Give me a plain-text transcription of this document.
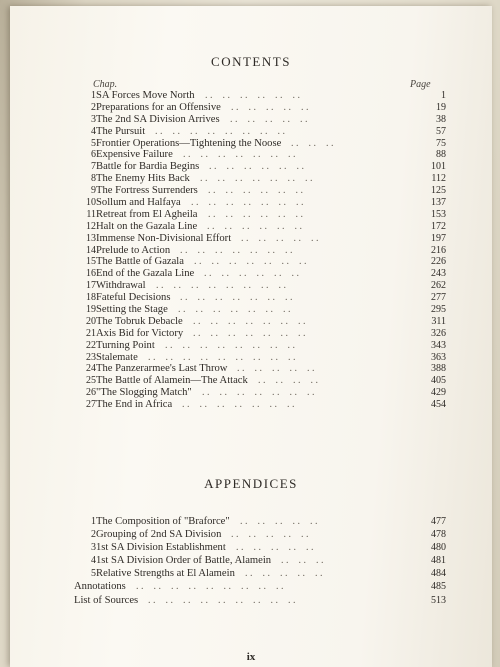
CONTENTS
Chap.	Page
APPENDICES
ix
1 SA Forces Move North	1
. .    . .    . .    . .    . .    . .
2 Preparations for an Offensive	19
. .    . .    . .    . .    . .
3 The 2nd SA Division Arrives	38
. .    . .    . .    . .    . .
4 The Pursuit	57
. .    . .    . .    . .    . .    . .    . .    . .
5 Frontier Operations—Tightening the Noose	75
. .    . .    . .
6 Expensive Failure	88
. .    . .    . .    . .    . .    . .    . .
7 Battle for Bardia Begins	101
. .    . .    . .    . .    . .    . .
8 The Enemy Hits Back	112
. .    . .    . .    . .    . .    . .    . .
9 The Fortress Surrenders	125
. .    . .    . .    . .    . .    . .
10 Sollum and Halfaya	137
. .    . .    . .    . .    . .    . .    . .
11 Retreat from El Agheila	153
. .    . .    . .    . .    . .    . .
12 Halt on the Gazala Line	172
. .    . .    . .    . .    . .    . .
13 Immense Non-Divisional Effort	197
. .    . .    . .    . .    . .
14 Prelude to Action	216
. .    . .    . .    . .    . .    . .    . .
15 The Battle of Gazala	226
. .    . .    . .    . .    . .    . .    . .
16 End of the Gazala Line	243
. .    . .    . .    . .    . .    . .
17 Withdrawal	262
. .    . .    . .    . .    . .    . .    . .    . .
18 Fateful Decisions	277
. .    . .    . .    . .    . .    . .    . .
19 Setting the Stage	295
. .    . .    . .    . .    . .    . .    . .
20 The Tobruk Debacle	311
. .    . .    . .    . .    . .    . .    . .
21 Axis Bid for Victory	326
. .    . .    . .    . .    . .    . .    . .
22 Turning Point	343
. .    . .    . .    . .    . .    . .    . .    . .
23 Stalemate	363
. .    . .    . .    . .    . .    . .    . .    . .    . .
24 The Panzerarmee's Last Throw	388
. .    . .    . .    . .    . .
25 The Battle of Alamein—The Attack	405
. .    . .    . .    . .
26 "The Slogging Match"	429
. .    . .    . .    . .    . .    . .    . .
27 The End in Africa	454
. .    . .    . .    . .    . .    . .    . .
1 The Composition of "Braforce"	477
. .    . .    . .    . .    . .
2 Grouping of 2nd SA Division	478
. .    . .    . .    . .    . .
3 1st SA Division Establishment	480
. .    . .    . .    . .    . .
4 1st SA Division Order of Battle, Alamein	481
. .    . .    . .
5 Relative Strengths at El Alamein	484
. .    . .    . .    . .    . .
Annotations	485
. .    . .    . .    . .    . .    . .    . .    . .    . .
List of Sources	513
. .    . .    . .    . .    . .    . .    . .    . .    . .
